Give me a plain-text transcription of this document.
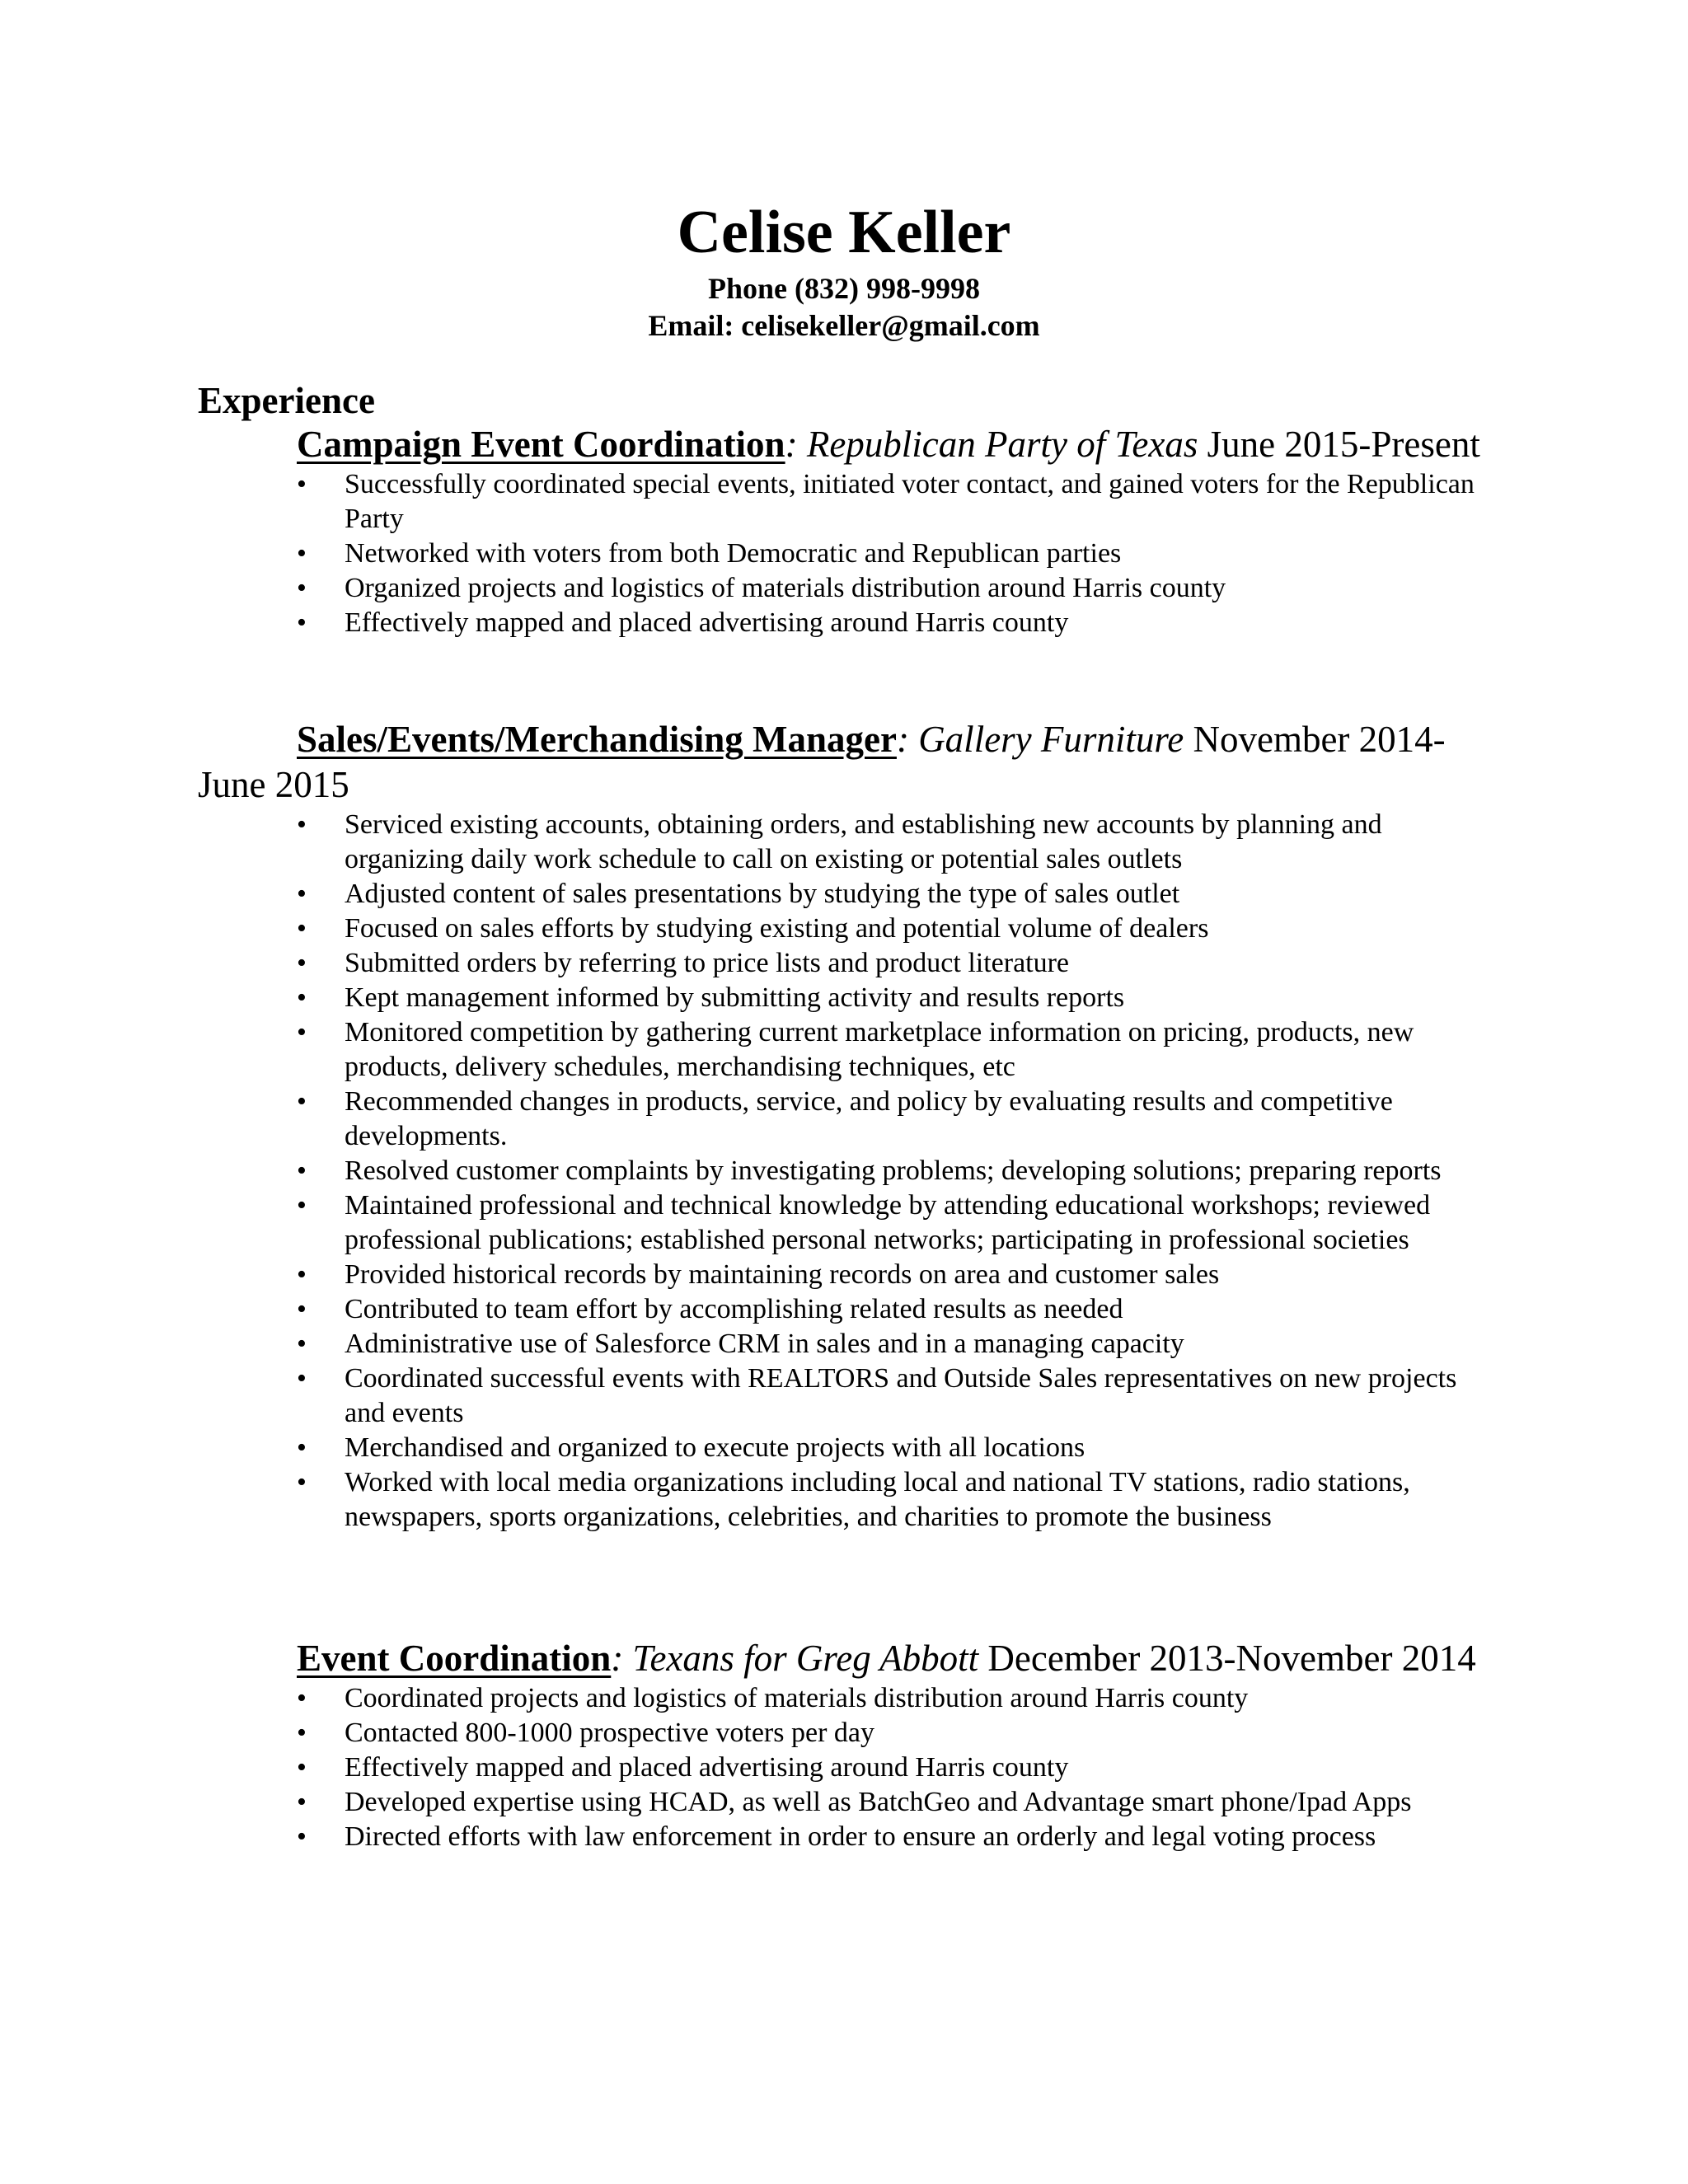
Celise Keller
Phone (832) 998-9998
Email: celisekeller@gmail.com
Experience
Campaign Event Coordination: Republican Party of Texas June 2015-Present
• Successfully coordinated special events, initiated voter contact, and gained voters for the Republican Party
• Networked with voters from both Democratic and Republican parties
• Organized projects and logistics of materials distribution around Harris county
• Effectively mapped and placed advertising around Harris county
Sales/Events/Merchandising Manager: Gallery Furniture November 2014-June 2015
• Serviced existing accounts, obtaining orders, and establishing new accounts by planning and organizing daily work schedule to call on existing or potential sales outlets
• Adjusted content of sales presentations by studying the type of sales outlet
• Focused on sales efforts by studying existing and potential volume of dealers
• Submitted orders by referring to price lists and product literature
• Kept management informed by submitting activity and results reports
• Monitored competition by gathering current marketplace information on pricing, products, new products, delivery schedules, merchandising techniques, etc
• Recommended changes in products, service, and policy by evaluating results and competitive developments.
• Resolved customer complaints by investigating problems; developing solutions; preparing reports
• Maintained professional and technical knowledge by attending educational workshops; reviewed professional publications; established personal networks; participating in professional societies
• Provided historical records by maintaining records on area and customer sales
• Contributed to team effort by accomplishing related results as needed
• Administrative use of Salesforce CRM in sales and in a managing capacity
• Coordinated successful events with REALTORS and Outside Sales representatives on new projects and events
• Merchandised and organized to execute projects with all locations
• Worked with local media organizations including local and national TV stations, radio stations, newspapers, sports organizations, celebrities, and charities to promote the business
Event Coordination: Texans for Greg Abbott December 2013-November 2014
• Coordinated projects and logistics of materials distribution around Harris county
• Contacted 800-1000 prospective voters per day
• Effectively mapped and placed advertising around Harris county
• Developed expertise using HCAD, as well as BatchGeo and Advantage smart phone/Ipad Apps
• Directed efforts with law enforcement in order to ensure an orderly and legal voting process
